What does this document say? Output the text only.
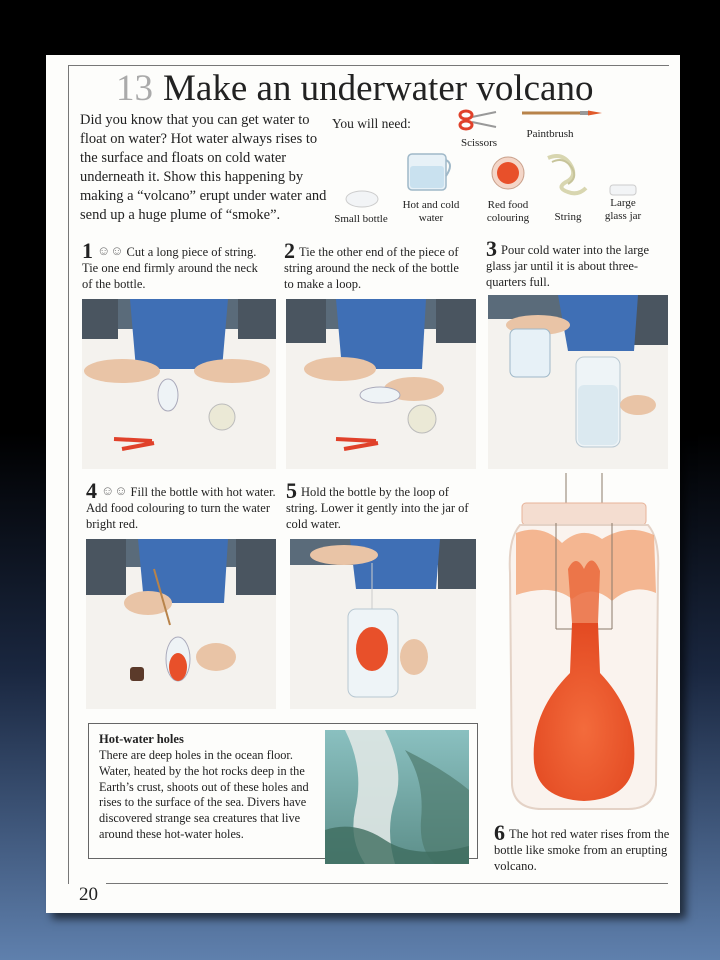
13 Make an underwater volcano
Did you know that you can get water to float on water? Hot water always rises to the surface and floats on cold water underneath it. Show this happening by making a “volcano” erupt under water and send up a huge plume of “smoke”.
You will need:
Scissors
Paintbrush
Small bottle
Hot and cold water
Red food colouring	String
Large glass jar
1 ☺☺ Cut a long piece of string. Tie one end firmly around the neck of the bottle.
2 Tie the other end of the piece of string around the neck of the bottle to make a loop.
3 Pour cold water into the large glass jar until it is about three-quarters full.
4 ☺☺ Fill the bottle with hot water. Add food colouring to turn the water bright red.
5 Hold the bottle by the loop of string. Lower it gently into the jar of cold water.
6 The hot red water rises from the bottle like smoke from an erupting volcano.
Hot-water holes
There are deep holes in the ocean floor. Water, heated by the hot rocks deep in the Earth’s crust, shoots out of these holes and rises to the surface of the sea. Divers have discovered strange sea creatures that live around these hot-water holes.
20
